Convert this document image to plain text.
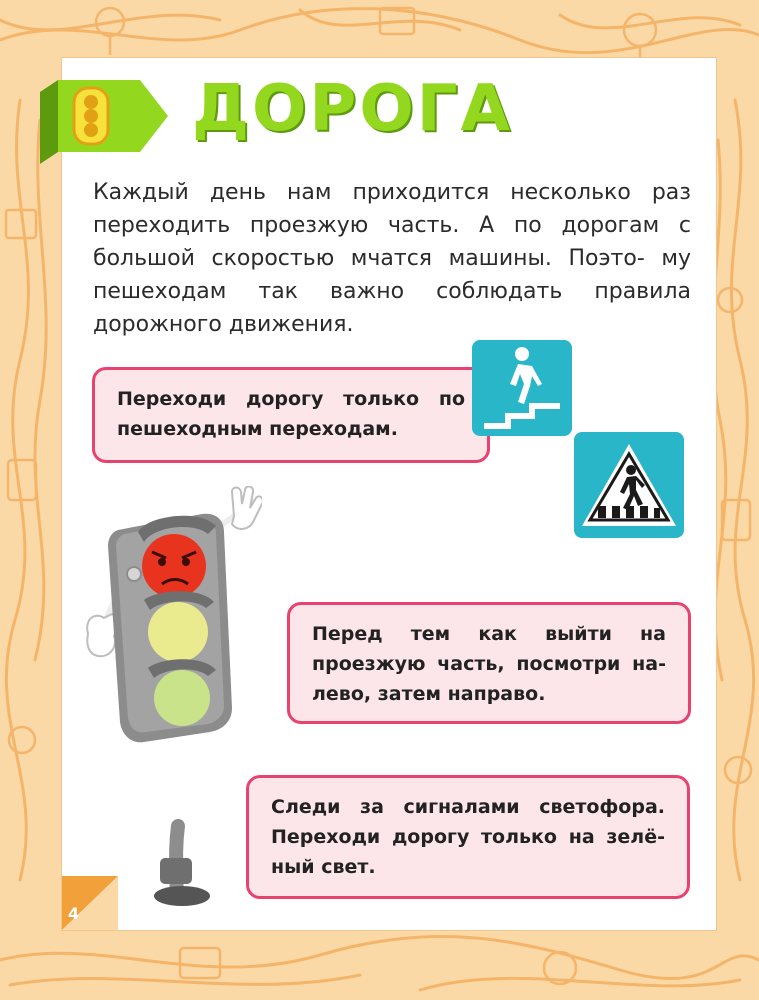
ДОРОГА

Каждый день нам приходится несколько раз переходить проезжую часть. А по дорогам с большой скоростью мчатся машины. Поэто- му пешеходам так важно соблюдать правила дорожного движения.

Переходи дорогу только по пешеходным переходам.

4

Перед тем как выйти на проезжую часть, посмотри на- лево, затем направо.
Следи за сигналами светофора. Переходи дорогу только на зелё- ный свет.
